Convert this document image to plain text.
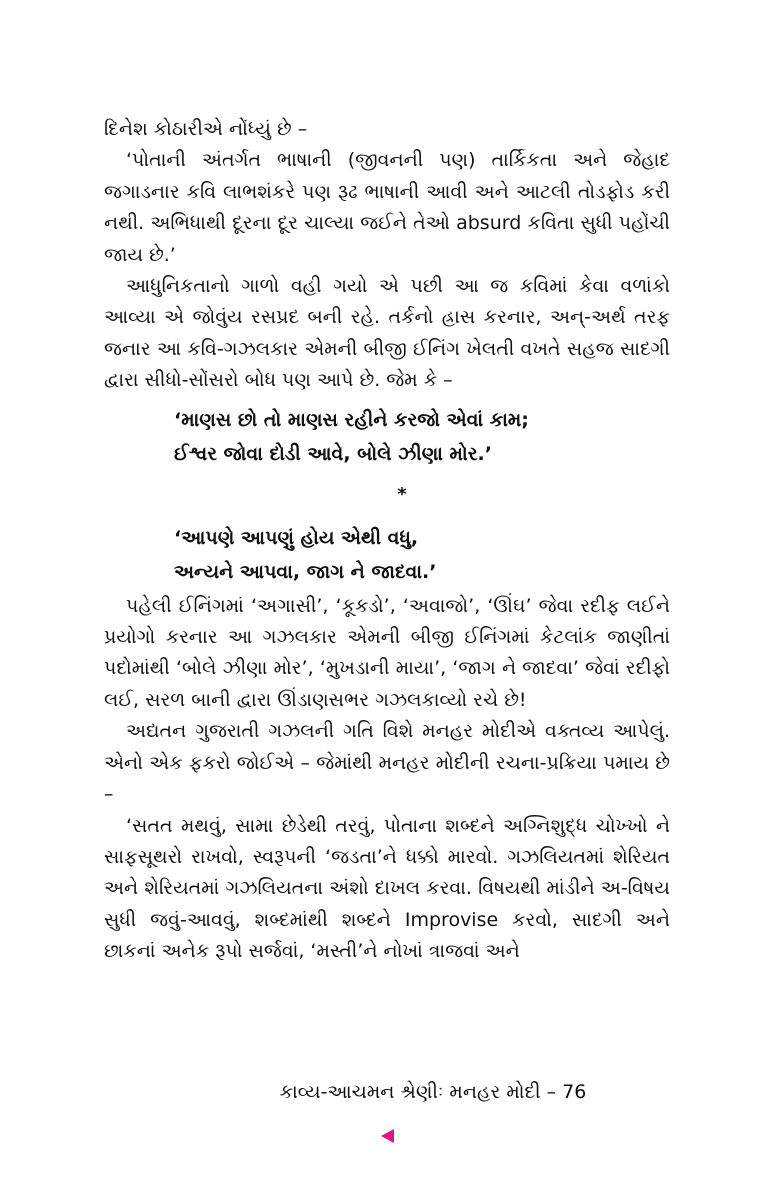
દિનેશ કોઠારીએ નોંધ્યું છે –

‘પોતાની અંતર્ગત ભાષાની (જીવનની પણ) તાર્કિકતા અને જેહાદ જગાડનાર કવિ લાભશંકરે પણ રૂઢ ભાષાની આવી અને આટલી તોડફોડ કરી નથી. અભિધાથી દૂરના દૂર ચાલ્યા જઈને તેઓ absurd કવિતા સુધી પહોંચી જાય છે.’

આધુનિકતાનો ગાળો વહી ગયો એ પછી આ જ કવિમાં કેવા વળાંકો આવ્યા એ જોવુંય રસપ્રદ બની રહે. તર્કનો હ્રાસ કરનાર, અન્-અર્થ તરફ જનાર આ કવિ-ગઝલકાર એમની બીજી ઈનિંગ ખેલતી વખતે સહજ સાદગી દ્વારા સીધો-સોંસરો બોધ પણ આપે છે. જેમ કે –

‘માણસ છો તો માણસ રહીને કરજો એવાં કામ;

ઈશ્વર જોવા દોડી આવે, બોલે ઝીણા મોર.’

*

‘આપણે આપણું હોય એથી વધુ,

અન્યને આપવા, જાગ ને જાદવા.’

પહેલી ઈનિંગમાં ‘અગાસી’, ‘કૂકડો’, ‘અવાજો’, ‘ઊંઘ’ જેવા રદીફ લઈને પ્રયોગો કરનાર આ ગઝલકાર એમની બીજી ઈનિંગમાં કેટલાંક જાણીતાં પદોમાંથી ‘બોલે ઝીણા મોર’, ‘મુખડાની માયા’, ‘જાગ ને જાદવા’ જેવાં રદીફો લઈ, સરળ બાની દ્વારા ઊંડાણસભર ગઝલકાવ્યો રચે છે!

અદ્યતન ગુજરાતી ગઝલની ગતિ વિશે મનહર મોદીએ વક્તવ્ય આપેલું. એનો એક ફકરો જોઈએ – જેમાંથી મનહર મોદીની રચના-પ્રક્રિયા પમાય છે –

‘સતત મથવું, સામા છેડેથી તરવું, પોતાના શબ્દને અગ્નિશુદ્ધ ચોખ્ખો ને સાફસૂથરો રાખવો, સ્વરૂપની ‘જડતા’ને ધક્કો મારવો. ગઝલિયતમાં શેરિયત અને શેરિયતમાં ગઝલિયતના અંશો દાખલ કરવા. વિષયથી માંડીને અ-વિષય સુધી જવું-આવવું, શબ્દમાંથી શબ્દને Improvise કરવો, સાદગી અને છાકનાં અનેક રૂપો સર્જવાં, ‘મસ્તી’ને નોખાં ત્રાજવાં અને

કાવ્ય-આચમન શ્રેણીઃ મનહર મોદી – 76
